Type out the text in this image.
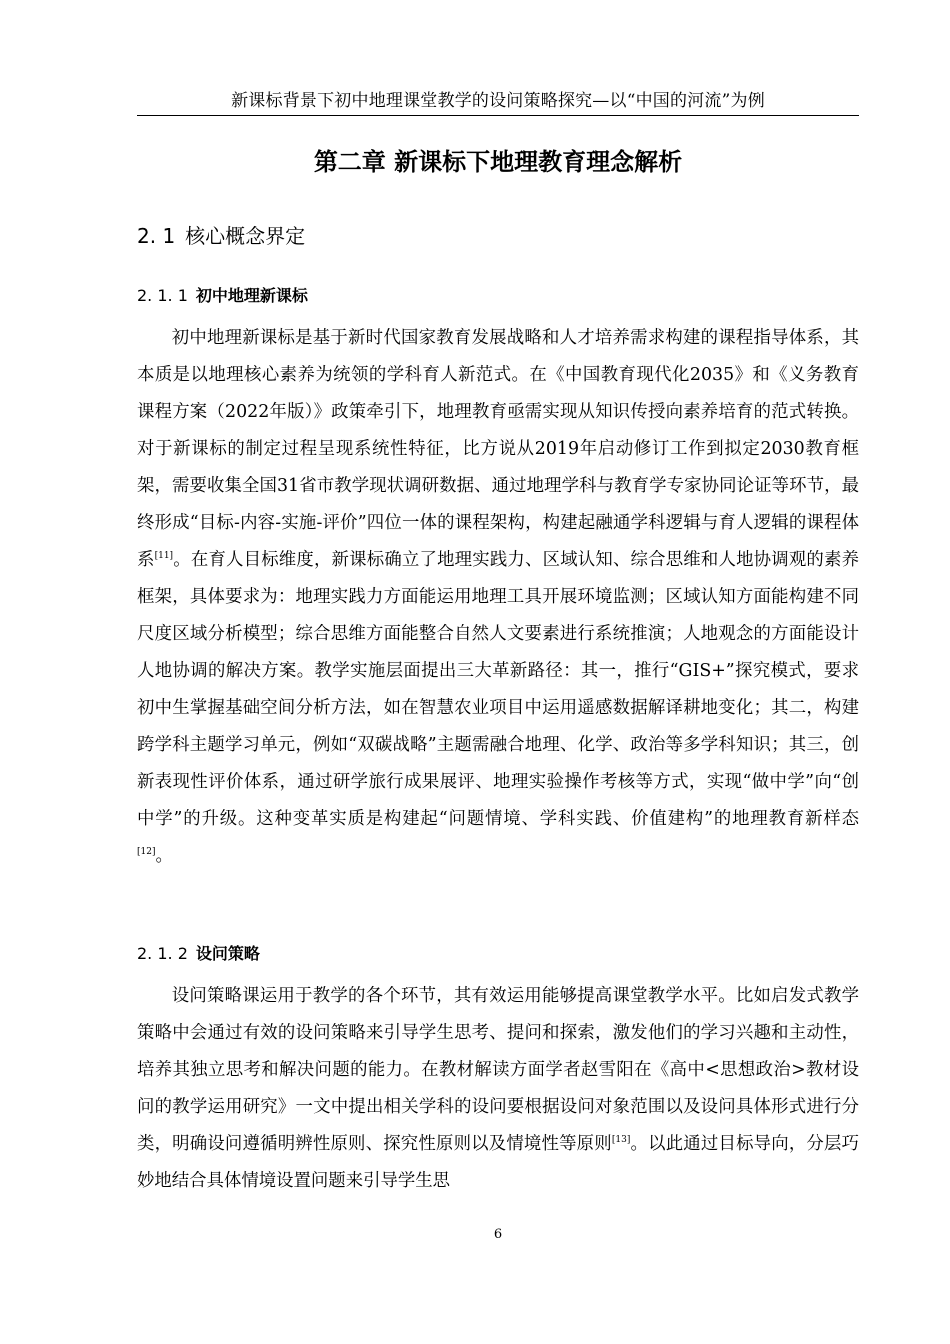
新课标背景下初中地理课堂教学的设问策略探究—以“中国的河流”为例
第二章 新课标下地理教育理念解析
2. 1 核心概念界定
2. 1. 1 初中地理新课标

初中地理新课标是基于新时代国家教育发展战略和人才培养需求构建的课程指导体系，其本质是以地理核心素养为统领的学科育人新范式。在《中国教育现代化2035》和《义务教育课程方案（2022年版）》政策牵引下，地理教育亟需实现从知识传授向素养培育的范式转换。对于新课标的制定过程呈现系统性特征，比方说从2019年启动修订工作到拟定2030教育框架，需要收集全国31省市教学现状调研数据、通过地理学科与教育学专家协同论证等环节，最终形成“目标-内容-实施-评价”四位一体的课程架构，构建起融通学科逻辑与育人逻辑的课程体系[11]。在育人目标维度，新课标确立了地理实践力、区域认知、综合思维和人地协调观的素养框架，具体要求为：地理实践力方面能运用地理工具开展环境监测；区域认知方面能构建不同尺度区域分析模型；综合思维方面能整合自然人文要素进行系统推演；人地观念的方面能设计人地协调的解决方案。教学实施层面提出三大革新路径：其一，推行“GIS+”探究模式，要求初中生掌握基础空间分析方法，如在智慧农业项目中运用遥感数据解译耕地变化；其二，构建跨学科主题学习单元，例如“双碳战略”主题需融合地理、化学、政治等多学科知识；其三，创新表现性评价体系，通过研学旅行成果展评、地理实验操作考核等方式，实现“做中学”向“创中学”的升级。这种变革实质是构建起“问题情境、学科实践、价值建构”的地理教育新样态[12]。

2. 1. 2 设问策略

设问策略课运用于教学的各个环节，其有效运用能够提高课堂教学水平。比如启发式教学策略中会通过有效的设问策略来引导学生思考、提问和探索，激发他们的学习兴趣和主动性，培养其独立思考和解决问题的能力。在教材解读方面学者赵雪阳在《高中<思想政治>教材设问的教学运用研究》一文中提出相关学科的设问要根据设问对象范围以及设问具体形式进行分类，明确设问遵循明辨性原则、探究性原则以及情境性等原则[13]。以此通过目标导向，分层巧妙地结合具体情境设置问题来引导学生思

6
